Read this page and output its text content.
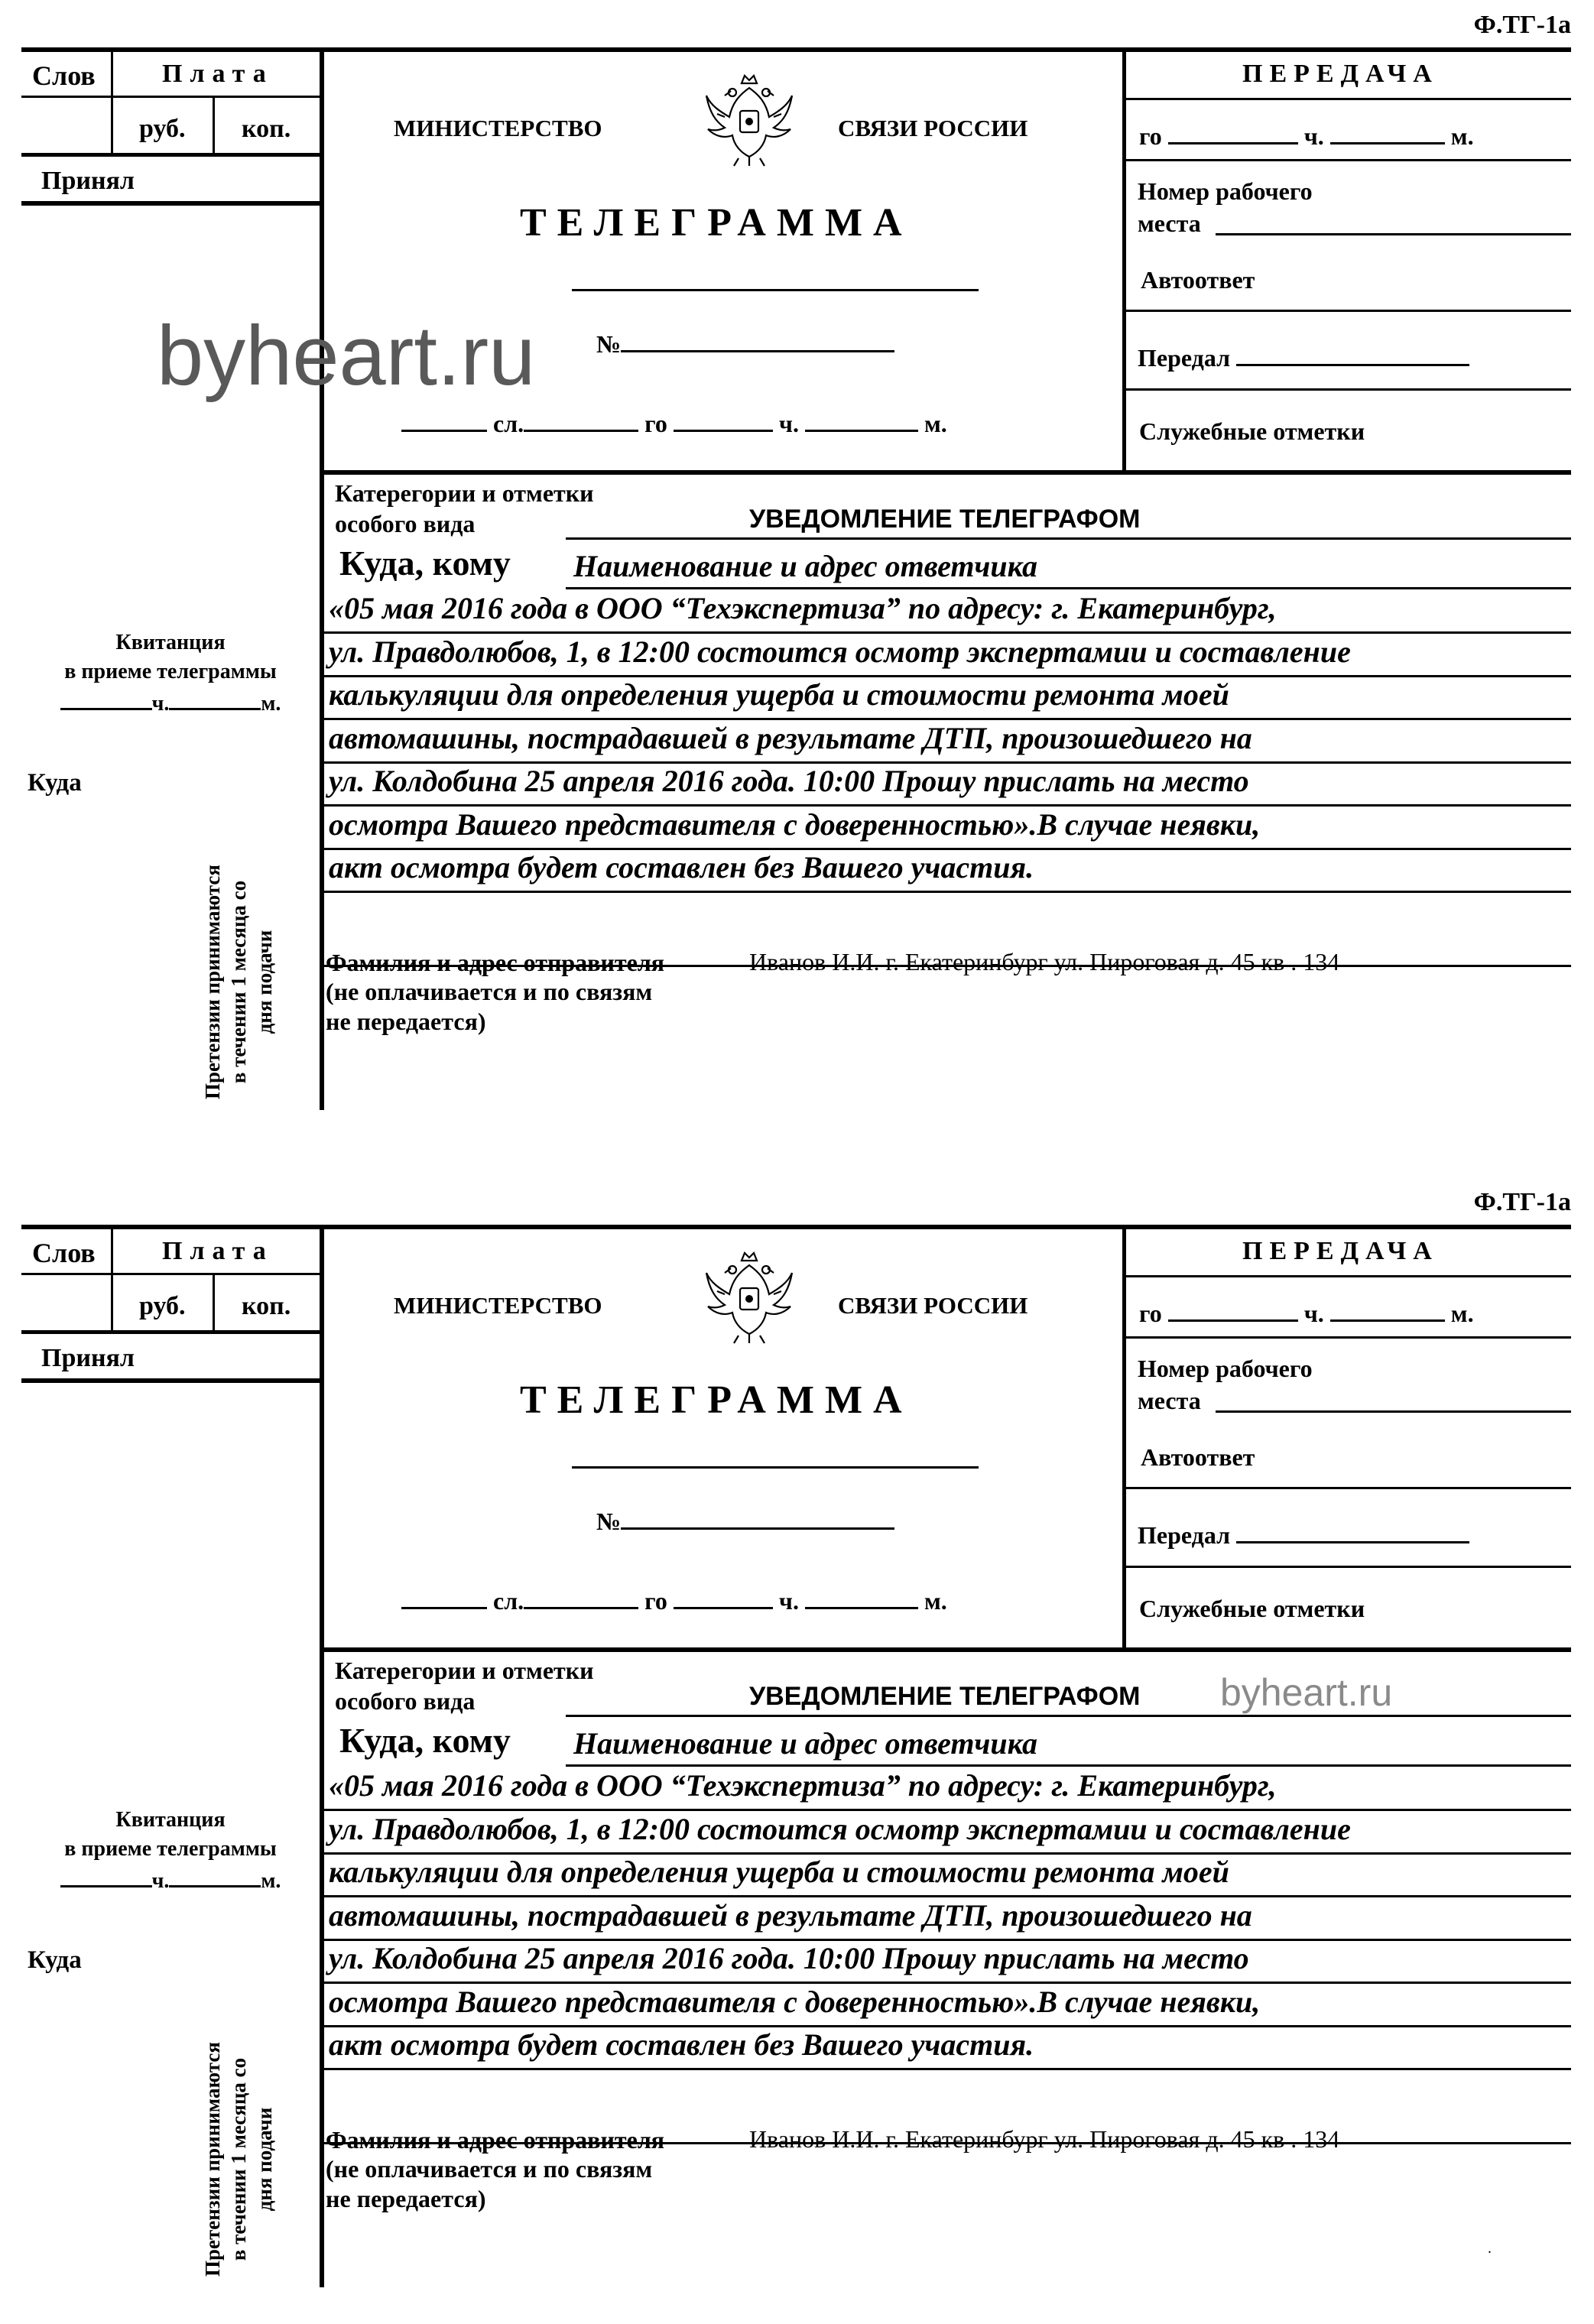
Ф.ТГ-1а
Слов	Плата
руб. коп.
Принял
МИНИСТЕРСТВО	СВЯЗИ РОССИИ
ТЕЛЕГРАММА
№
сл.	го	ч.	м.
ПЕРЕДАЧА
го	ч.	м.
Номер рабочего
места
Автоответ
Передал
Служебные отметки
Квитанция
в приеме телеграммы
ч.	м.
Куда
Претензии принимаются в течении 1 месяца со дня подачи
Катерегории и отметки
особого вида	УВЕДОМЛЕНИЕ ТЕЛЕГРАФОМ
Куда, кому Наименование и адрес ответчика
«05 мая 2016 года в ООО “Техэкспертиза” по адресу: г. Екатеринбург,
ул. Правдолюбов, 1, в 12:00 состоится осмотр экспертамии и составление
калькуляции для определения ущерба и стоимости ремонта моей
автомашины, пострадавшей в результате ДТП, произошедшего на
ул. Колдобина 25 апреля 2016 года. 10:00 Прошу прислать на место
осмотра Вашего представителя с доверенностью».В случае неявки,
акт осмотра будет составлен без Вашего участия.
Фамилия и адрес отправителя
(не оплачивается и по связям
не передается)
Иванов И.И. г. Екатеринбург ул. Пироговая д. 45 кв . 134
Ф.ТГ-1а
Слов	Плата
руб. коп.
Принял
МИНИСТЕРСТВО	СВЯЗИ РОССИИ
ТЕЛЕГРАММА
№
сл.	го	ч.	м.
ПЕРЕДАЧА
го	ч.	м.
Номер рабочего
места
Автоответ
Передал
Служебные отметки
Квитанция
в приеме телеграммы
ч.	м.
Куда
Претензии принимаются в течении 1 месяца со дня подачи
Катерегории и отметки
особого вида	УВЕДОМЛЕНИЕ ТЕЛЕГРАФОМ
Куда, кому Наименование и адрес ответчика
«05 мая 2016 года в ООО “Техэкспертиза” по адресу: г. Екатеринбург,
ул. Правдолюбов, 1, в 12:00 состоится осмотр экспертамии и составление
калькуляции для определения ущерба и стоимости ремонта моей
автомашины, пострадавшей в результате ДТП, произошедшего на
ул. Колдобина 25 апреля 2016 года. 10:00 Прошу прислать на место
осмотра Вашего представителя с доверенностью».В случае неявки,
акт осмотра будет составлен без Вашего участия.
Фамилия и адрес отправителя
(не оплачивается и по связям
не передается)
Иванов И.И. г. Екатеринбург ул. Пироговая д. 45 кв . 134
byheart.ru
byheart.ru
.
